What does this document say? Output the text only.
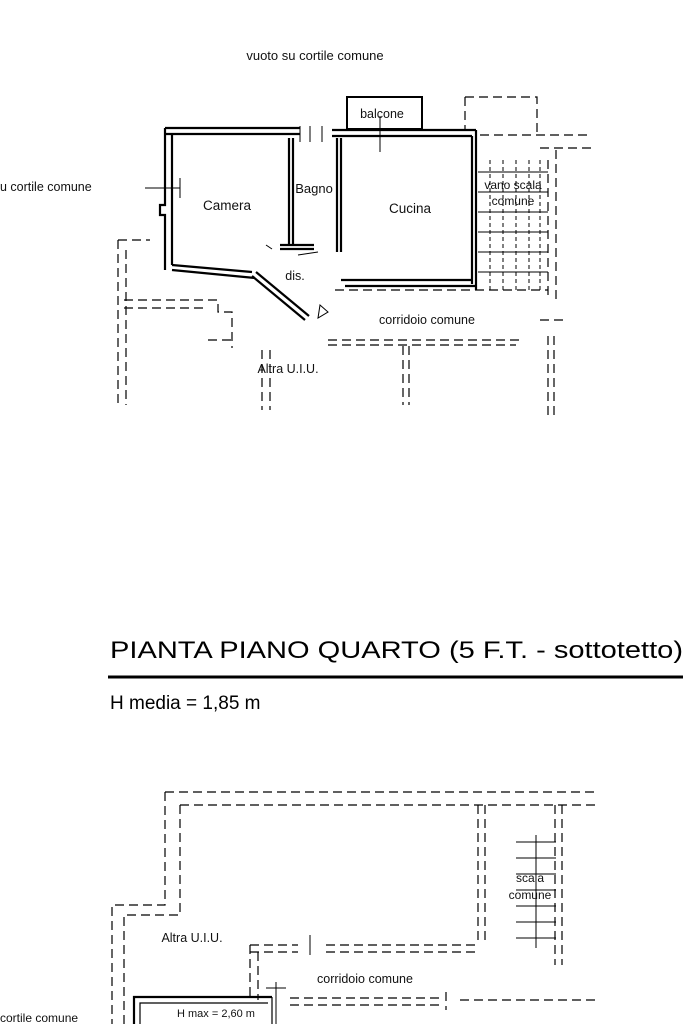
vuoto su cortile comune
u cortile comune
balcone
Camera
Bagno
Cucina
dis.
vano scala
comune
corridoio comune
Altra U.I.U.
PIANTA PIANO QUARTO (5 F.T. - sottotetto)
H media = 1,85 m
scala
comune
Altra U.I.U.
corridoio comune
H max = 2,60 m
cortile comune
